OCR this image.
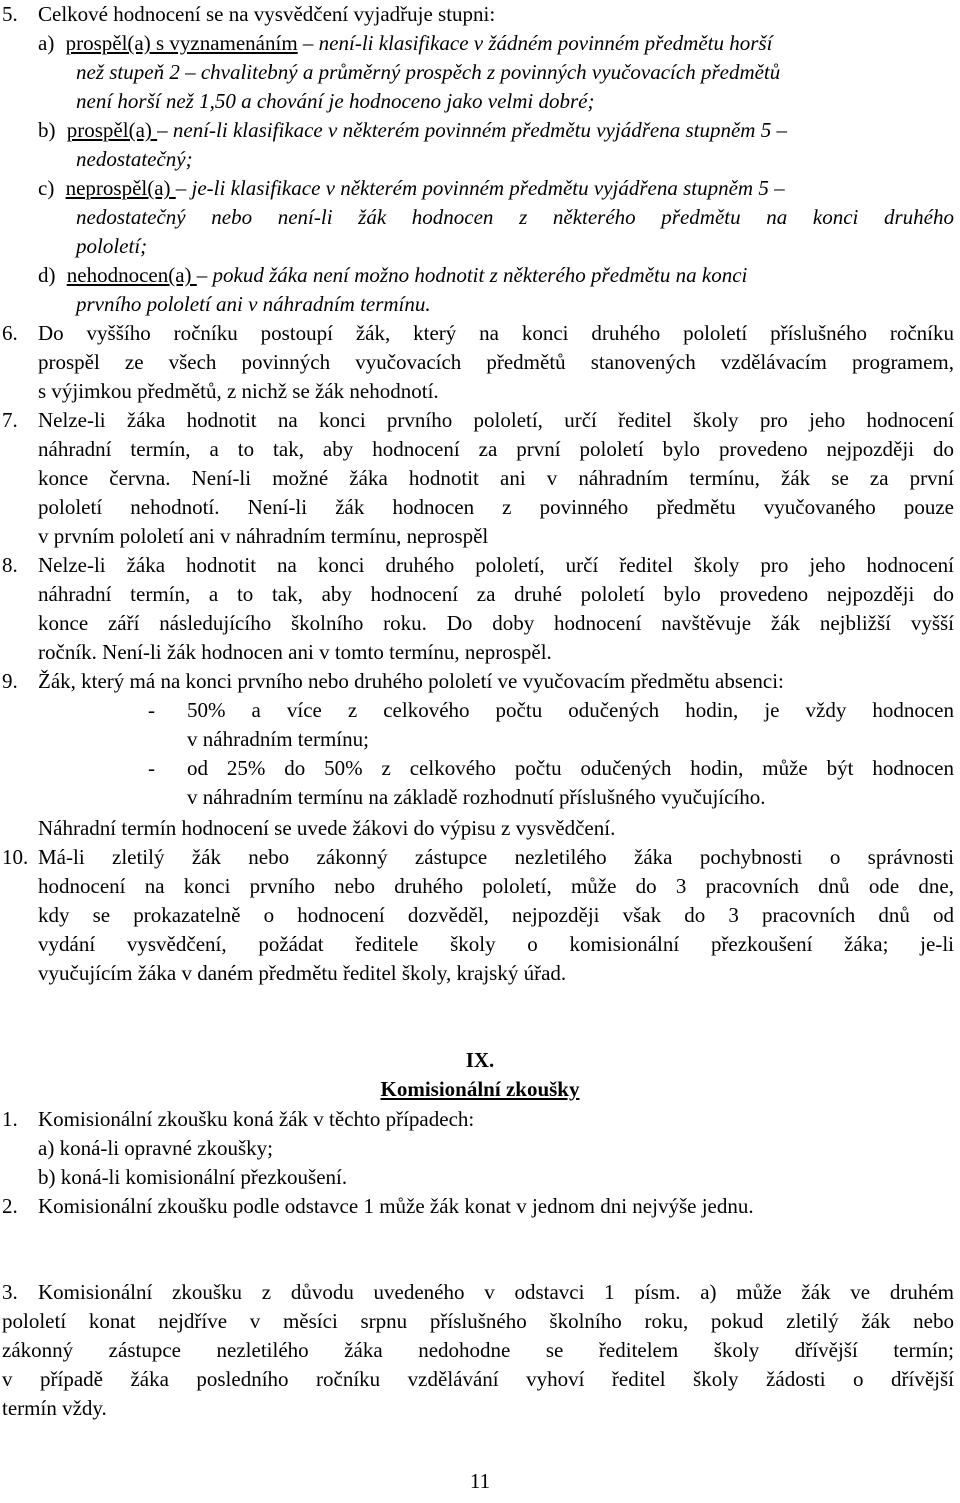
5. Celkové hodnocení se na vysvědčení vyjadřuje stupni:
a) prospěl(a) s vyznamenáním – není-li klasifikace v žádném povinném předmětu horší
než stupeň 2 – chvalitebný a průměrný prospěch z povinných vyučovacích předmětů
není horší než 1,50 a chování je hodnoceno jako velmi dobré;
b) prospěl(a) – není-li klasifikace v některém povinném předmětu vyjádřena stupněm 5 –
nedostatečný;
c) neprospěl(a) – je-li klasifikace v některém povinném předmětu vyjádřena stupněm 5 –
nedostatečný nebo není-li žák hodnocen z některého předmětu na konci druhého
pololetí;
d) nehodnocen(a) – pokud žáka není možno hodnotit z některého předmětu na konci
prvního pololetí ani v náhradním termínu.
6. Do vyššího ročníku postoupí žák, který na konci druhého pololetí příslušného ročníku
prospěl ze všech povinných vyučovacích předmětů stanovených vzdělávacím programem,
s výjimkou předmětů, z nichž se žák nehodnotí.
7. Nelze-li žáka hodnotit na konci prvního pololetí, určí ředitel školy pro jeho hodnocení
náhradní termín, a to tak, aby hodnocení za první pololetí bylo provedeno nejpozději do
konce června. Není-li možné žáka hodnotit ani v náhradním termínu, žák se za první
pololetí nehodnotí. Není-li žák hodnocen z povinného předmětu vyučovaného pouze
v prvním pololetí ani v náhradním termínu, neprospěl
8. Nelze-li žáka hodnotit na konci druhého pololetí, určí ředitel školy pro jeho hodnocení
náhradní termín, a to tak, aby hodnocení za druhé pololetí bylo provedeno nejpozději do
konce září následujícího školního roku. Do doby hodnocení navštěvuje žák nejbližší vyšší
ročník. Není-li žák hodnocen ani v tomto termínu, neprospěl.
9. Žák, který má na konci prvního nebo druhého pololetí ve vyučovacím předmětu absenci:
- 50% a více z celkového počtu odučených hodin, je vždy hodnocen
v náhradním termínu;
- od 25% do 50% z celkového počtu odučených hodin, může být hodnocen
v náhradním termínu na základě rozhodnutí příslušného vyučujícího.
Náhradní termín hodnocení se uvede žákovi do výpisu z vysvědčení.
10. Má-li zletilý žák nebo zákonný zástupce nezletilého žáka pochybnosti o správnosti
hodnocení na konci prvního nebo druhého pololetí, může do 3 pracovních dnů ode dne,
kdy se prokazatelně o hodnocení dozvěděl, nejpozději však do 3 pracovních dnů od
vydání vysvědčení, požádat ředitele školy o komisionální přezkoušení žáka; je-li
vyučujícím žáka v daném předmětu ředitel školy, krajský úřad.
IX.
Komisionální zkoušky
1. Komisionální zkoušku koná žák v těchto případech:
a) koná-li opravné zkoušky;
b) koná-li komisionální přezkoušení.
2. Komisionální zkoušku podle odstavce 1 může žák konat v jednom dni nejvýše jednu.
3. Komisionální zkoušku z důvodu uvedeného v odstavci 1 písm. a) může žák ve druhém
pololetí konat nejdříve v měsíci srpnu příslušného školního roku, pokud zletilý žák nebo
zákonný zástupce nezletilého žáka nedohodne se ředitelem školy dřívější termín;
v případě žáka posledního ročníku vzdělávání vyhoví ředitel školy žádosti o dřívější
termín vždy.
11
